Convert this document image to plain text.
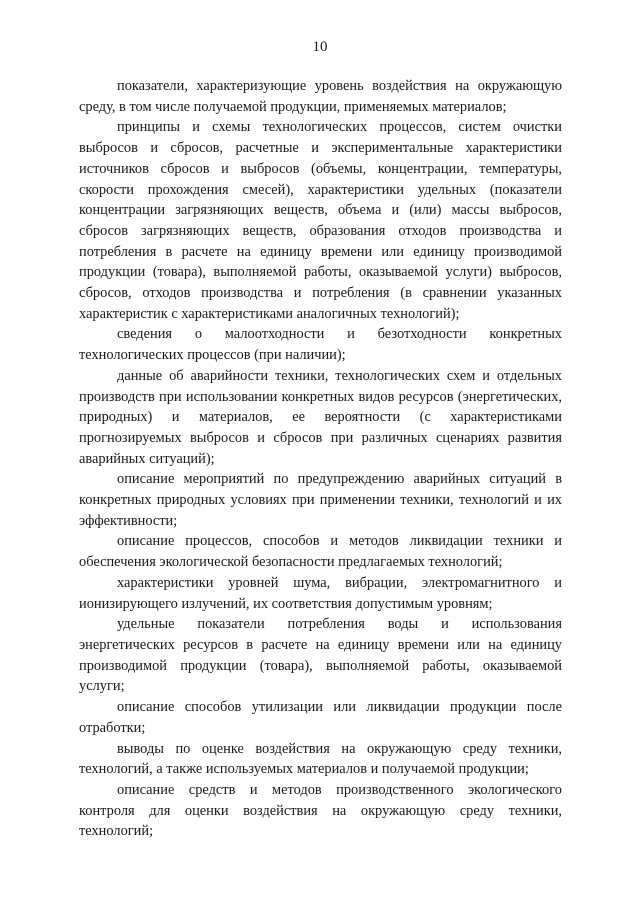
10

показатели, характеризующие уровень воздействия на окружающую среду, в том числе получаемой продукции, применяемых материалов;

принципы и схемы технологических процессов, систем очистки выбросов и сбросов, расчетные и экспериментальные характеристики источников сбросов и выбросов (объемы, концентрации, температуры, скорости прохождения смесей), характеристики удельных (показатели концентрации загрязняющих веществ, объема и (или) массы выбросов, сбросов загрязняющих веществ, образования отходов производства и потребления в расчете на единицу времени или единицу производимой продукции (товара), выполняемой работы, оказываемой услуги) выбросов, сбросов, отходов производства и потребления (в сравнении указанных характеристик с характеристиками аналогичных технологий);

сведения о малоотходности и безотходности конкретных технологических процессов (при наличии);

данные об аварийности техники, технологических схем и отдельных производств при использовании конкретных видов ресурсов (энергетических, природных) и материалов, ее вероятности (с характеристиками прогнозируемых выбросов и сбросов при различных сценариях развития аварийных ситуаций);

описание мероприятий по предупреждению аварийных ситуаций в конкретных природных условиях при применении техники, технологий и их эффективности;

описание процессов, способов и методов ликвидации техники и обеспечения экологической безопасности предлагаемых технологий;

характеристики уровней шума, вибрации, электромагнитного и ионизирующего излучений, их соответствия допустимым уровням;

удельные показатели потребления воды и использования энергетических ресурсов в расчете на единицу времени или на единицу производимой продукции (товара), выполняемой работы, оказываемой услуги;

описание способов утилизации или ликвидации продукции после отработки;

выводы по оценке воздействия на окружающую среду техники, технологий, а также используемых материалов и получаемой продукции;

описание средств и методов производственного экологического контроля для оценки воздействия на окружающую среду техники, технологий;
